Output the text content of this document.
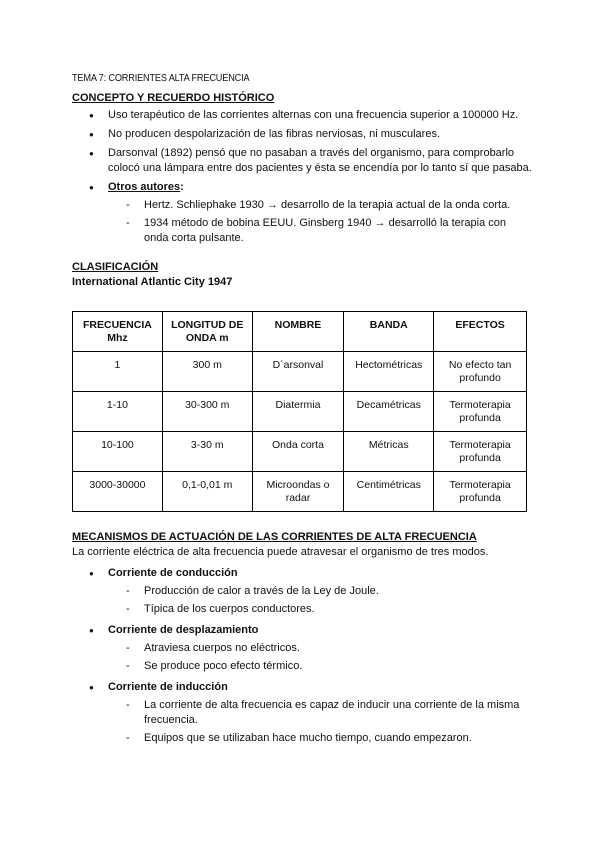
TEMA 7: CORRIENTES ALTA FRECUENCIA

CONCEPTO Y RECUERDO HISTÓRICO

● Uso terapéutico de las corrientes alternas con una frecuencia superior a 100000 Hz.
● No producen despolarización de las fibras nerviosas, ni musculares.
● Darsonval (1892) pensó que no pasaban a través del organismo, para comprobarlo colocó una lámpara entre dos pacientes y ésta se encendía por lo tanto sí que pasaba.
● Otros autores:
- Hertz. Schliephake 1930 → desarrollo de la terapia actual de la onda corta.
- 1934 método de bobina EEUU. Ginsberg 1940 → desarrolló la terapia con onda corta pulsante.

CLASIFICACIÓN

International Atlantic City 1947

FRECUENCIA Mhz	LONGITUD DE ONDA m	NOMBRE	BANDA	EFECTOS
1	300 m	D´arsonval	Hectométricas	No efecto tan profundo
1-10	30-300 m	Diatermia	Decamétricas	Termoterapia profunda
10-100	3-30 m	Onda corta	Métricas	Termoterapia profunda
3000-30000	0,1-0,01 m	Microondas o radar	Centimétricas	Termoterapia profunda

MECANISMOS DE ACTUACIÓN DE LAS CORRIENTES DE ALTA FRECUENCIA

La corriente eléctrica de alta frecuencia puede atravesar el organismo de tres modos.

● Corriente de conducción
- Producción de calor a través de la Ley de Joule.
- Típica de los cuerpos conductores.
● Corriente de desplazamiento
- Atraviesa cuerpos no eléctricos.
- Se produce poco efecto térmico.
● Corriente de inducción
- La corriente de alta frecuencia es capaz de inducir una corriente de la misma frecuencia.
- Equipos que se utilizaban hace mucho tiempo, cuando empezaron.
